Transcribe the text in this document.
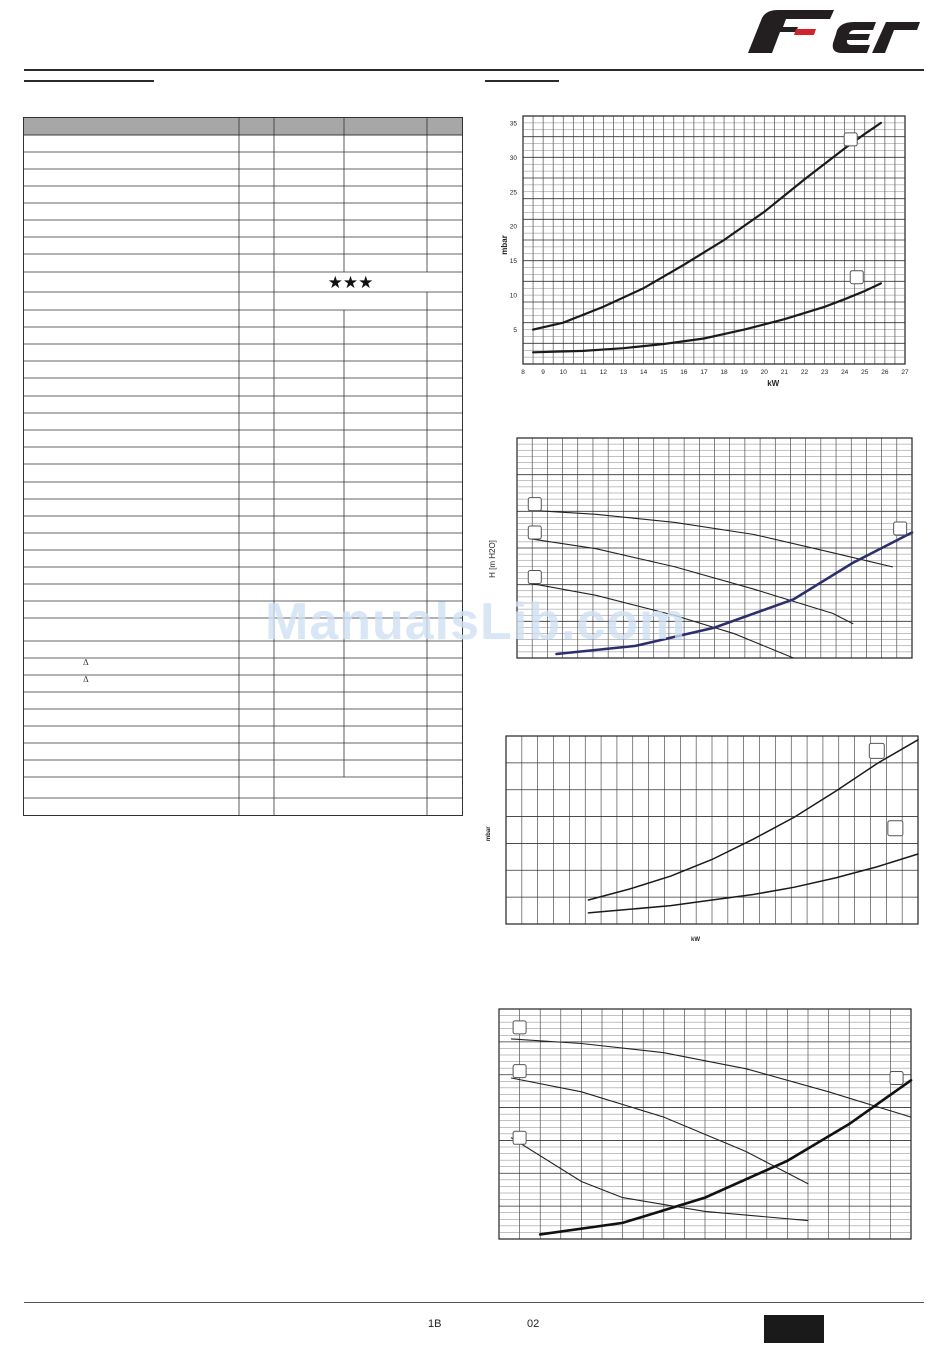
Fer
★★★
Δ
Δ
8	9 10 11 12 13 14 15 16 17 18 19 20 21 22 23 24 25 26 27
5
10
15
20
25
30
35
kW
mbar
H [m H2O]
mbar
kW
ManualsLib.com
1B	02
